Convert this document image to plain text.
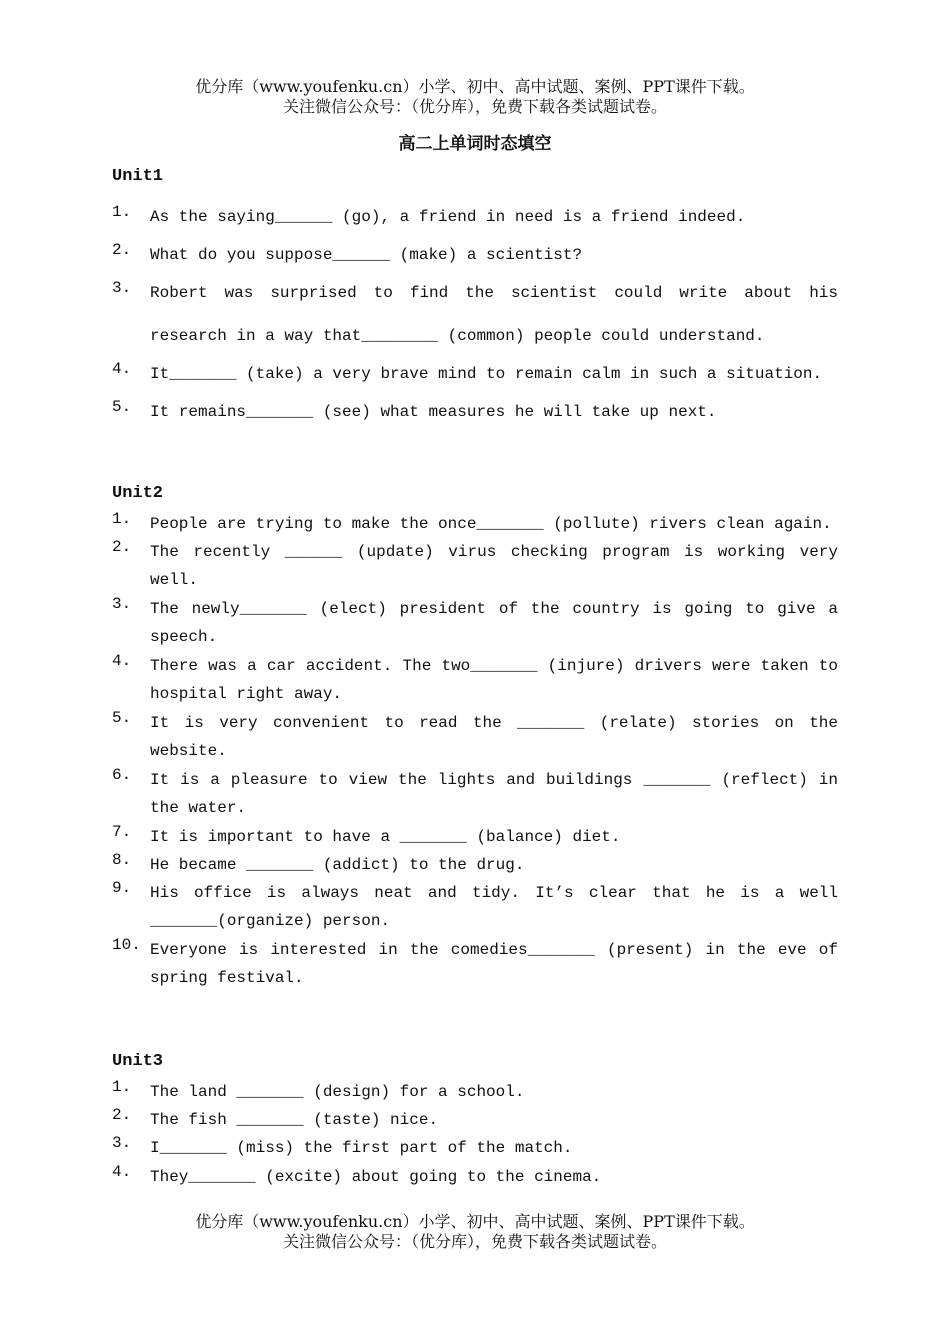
优分库（www.youfenku.cn）小学、初中、高中试题、案例、PPT课件下载。
关注微信公众号：（优分库），免费下载各类试题试卷。
高二上单词时态填空
Unit1
1. As the saying______ (go), a friend in need is a friend indeed.
2. What do you suppose______ (make) a scientist?
3. Robert was surprised to find the scientist could write about his research in a way that________ (common) people could understand.
4. It_______ (take) a very brave mind to remain calm in such a situation.
5. It remains_______ (see) what measures he will take up next.
Unit2
1. People are trying to make the once_______ (pollute) rivers clean again.
2. The recently ______ (update) virus checking program is working very well.
3. The newly_______ (elect) president of the country is going to give a speech.
4. There was a car accident. The two_______ (injure) drivers were taken to hospital right away.
5. It is very convenient to read the _______ (relate) stories on the website.
6. It is a pleasure to view the lights and buildings _______ (reflect) in the water.
7. It is important to have a _______ (balance) diet.
8. He became _______ (addict) to the drug.
9. His office is always neat and tidy. It’s clear that he is a well _______(organize) person.
10. Everyone is interested in the comedies_______ (present) in the eve of spring festival.
Unit3
1. The land _______ (design) for a school.
2. The fish _______ (taste) nice.
3. I_______ (miss) the first part of the match.
4. They_______ (excite) about going to the cinema.
优分库（www.youfenku.cn）小学、初中、高中试题、案例、PPT课件下载。
关注微信公众号：（优分库），免费下载各类试题试卷。
